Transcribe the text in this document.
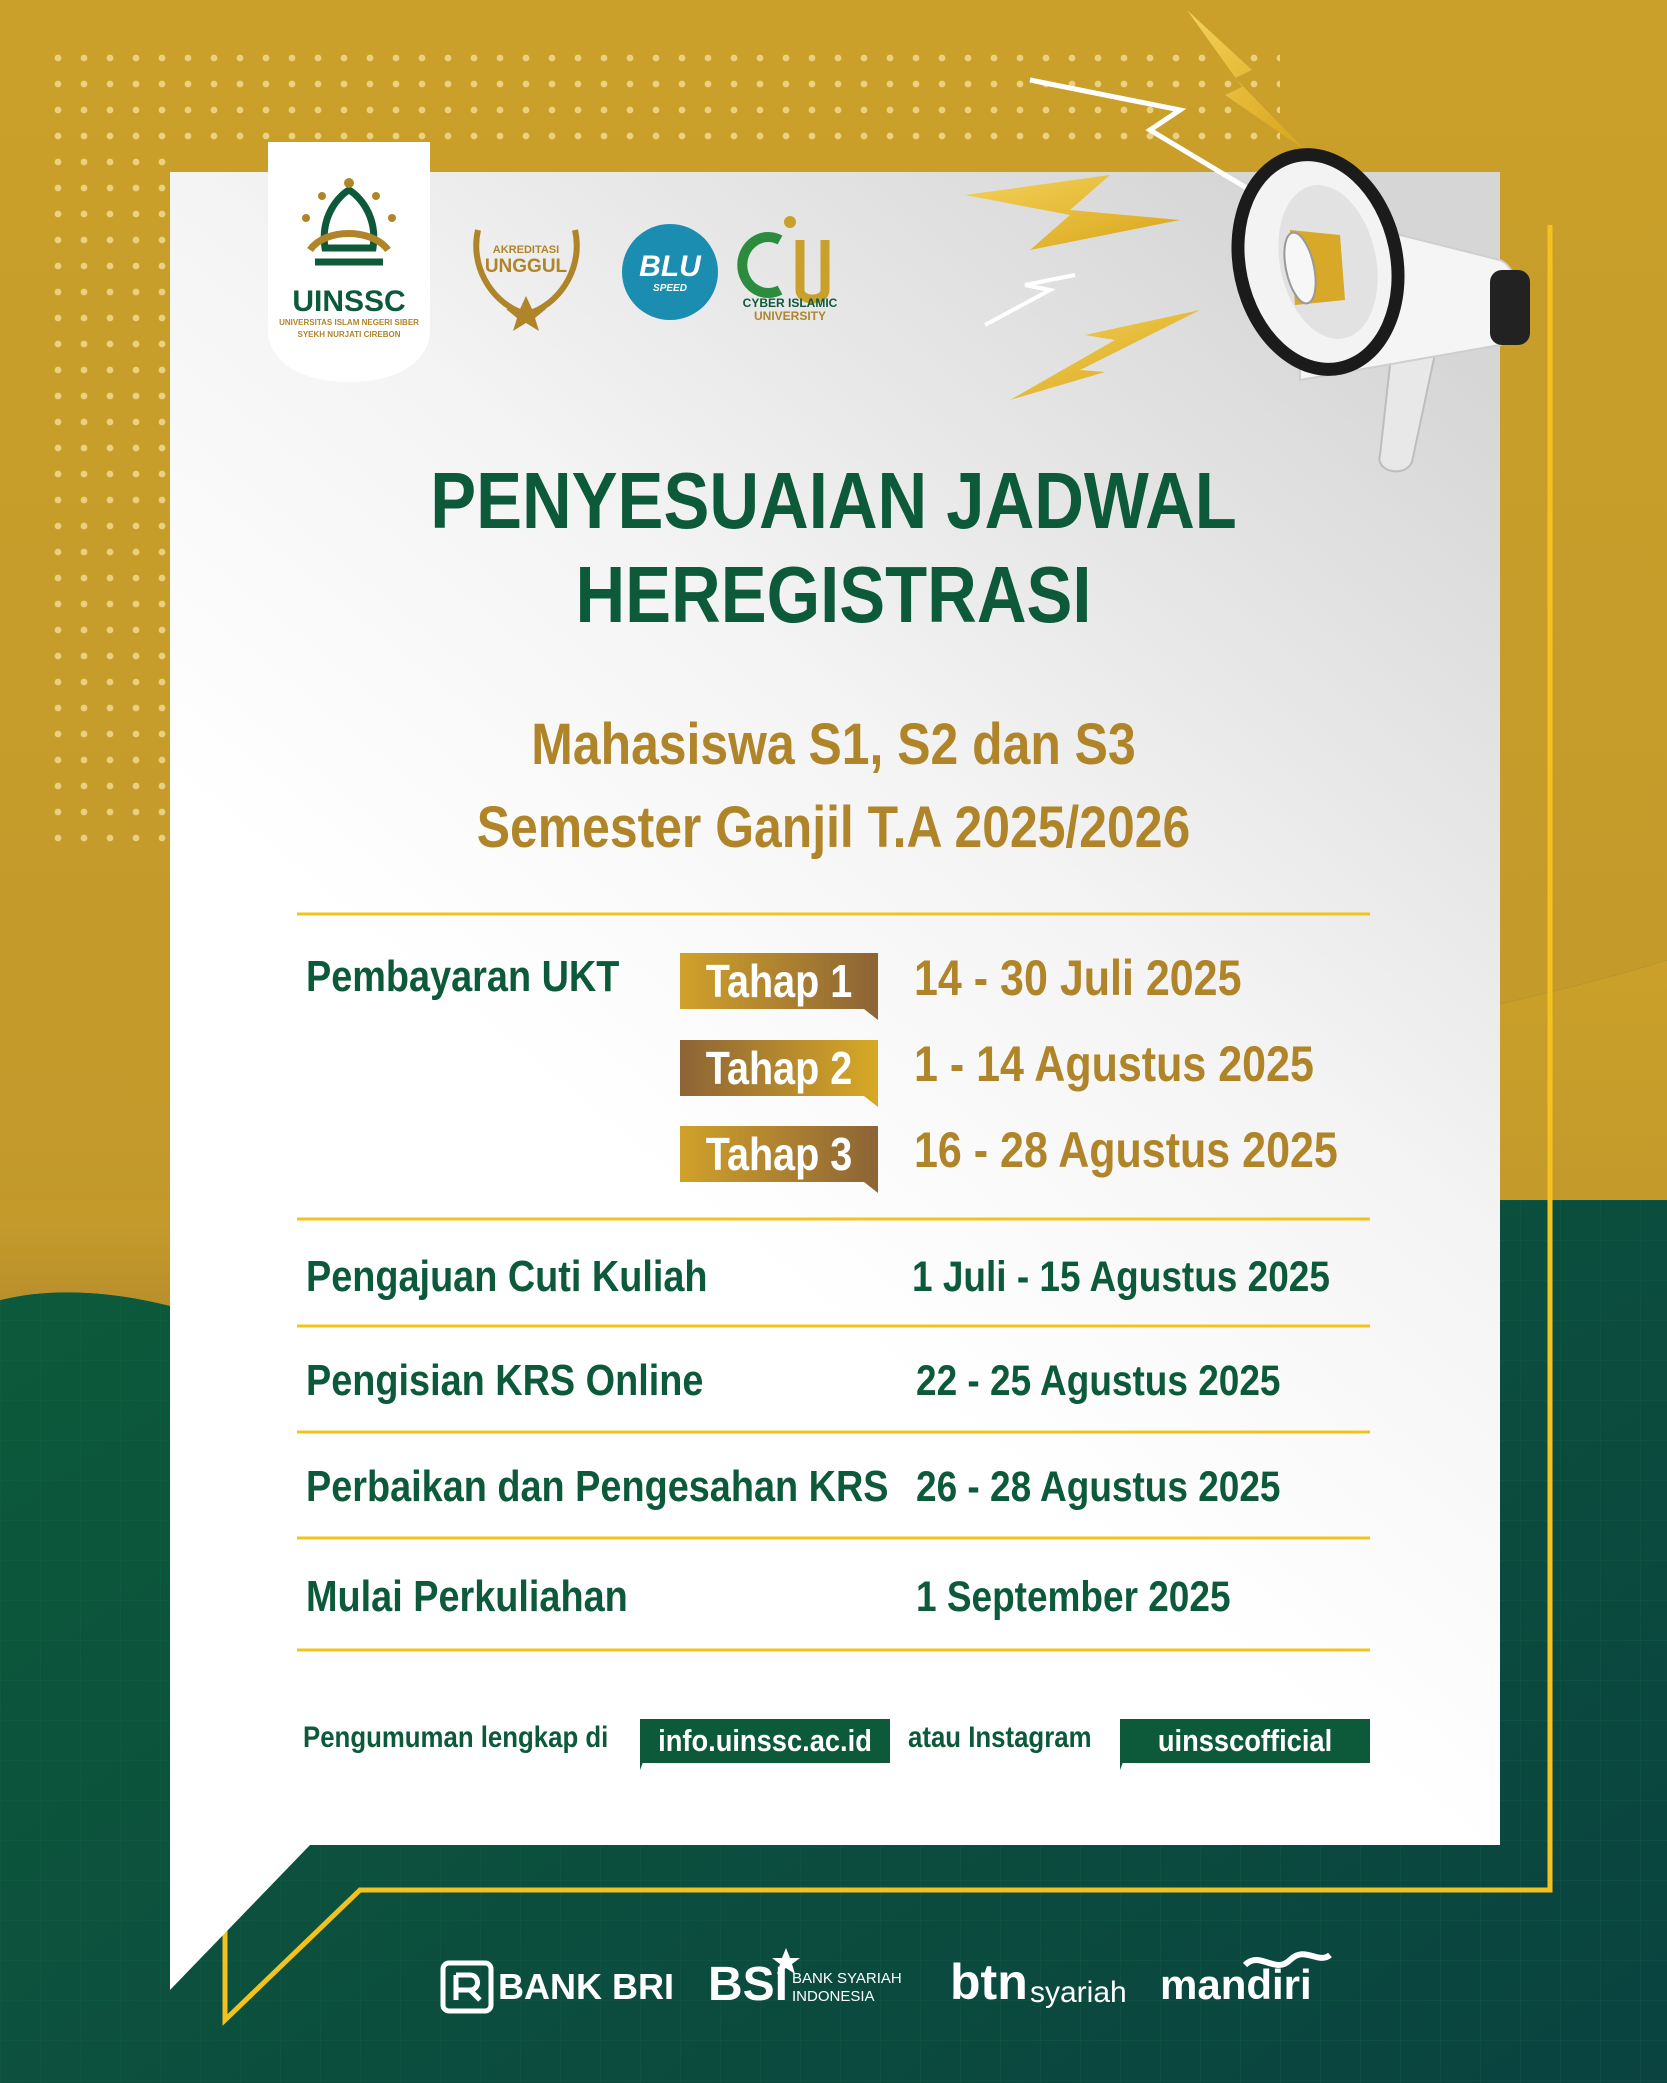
UINSSC
UNIVERSITAS ISLAM NEGERI SIBER
SYEKH NURJATI CIREBON
AKREDITASI
UNGGUL	BLU
SPEED
CYBER ISLAMIC
UNIVERSITY
PENYESUAIAN JADWAL
HEREGISTRASI
Mahasiswa S1, S2 dan S3
Semester Ganjil T.A 2025/2026
Pembayaran UKT Tahap 1 14 - 30 Juli 2025
Tahap 2 1 - 14 Agustus 2025
Tahap 3 16 - 28 Agustus 2025
Pengajuan Cuti Kuliah	1 Juli - 15 Agustus 2025
Pengisian KRS Online	22 - 25 Agustus 2025
Perbaikan dan Pengesahan KRS 26 - 28 Agustus 2025
Mulai Perkuliahan	1 September 2025
Pengumuman lengkap di info.uinssc.ac.id atau Instagram	uinsscofficial
BANK BRI BSI BANK SYARIAH
INDONESIA btn syariah mandiri
